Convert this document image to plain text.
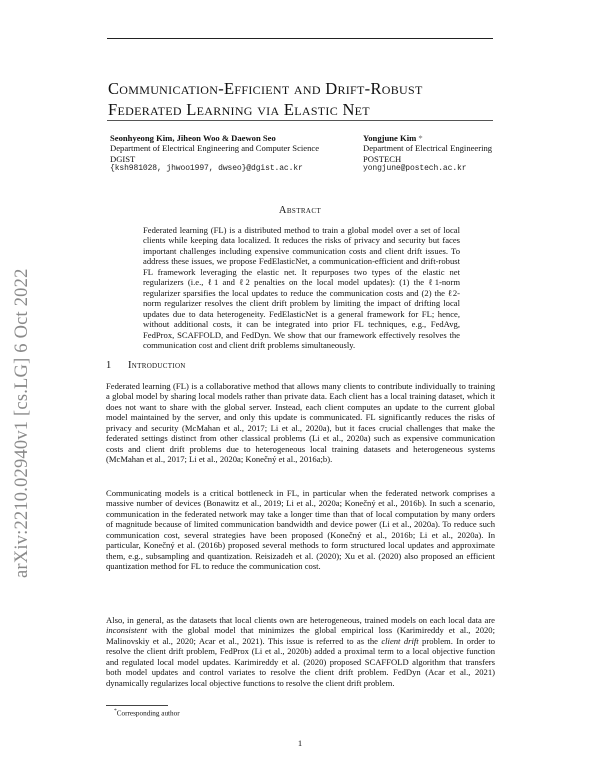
arXiv:2210.02940v1 [cs.LG] 6 Oct 2022
Communication-Efficient and Drift-Robust
Federated Learning via Elastic Net
Seonhyeong Kim, Jiheon Woo & Daewon Seo
Department of Electrical Engineering and Computer Science
DGIST
{ksh981028, jhwoo1997, dwseo}@dgist.ac.kr
Yongjune Kim *
Department of Electrical Engineering
POSTECH
yongjune@postech.ac.kr
Abstract

Federated learning (FL) is a distributed method to train a global model over a set of local clients while keeping data localized. It reduces the risks of privacy and security but faces important challenges including expensive communication costs and client drift issues. To address these issues, we propose FedElasticNet, a communication-efficient and drift-robust FL framework leveraging the elastic net. It repurposes two types of the elastic net regularizers (i.e., ℓ1 and ℓ2 penalties on the local model updates): (1) the ℓ1-norm regularizer sparsifies the local updates to reduce the communication costs and (2) the ℓ2-norm regularizer resolves the client drift problem by limiting the impact of drifting local updates due to data heterogeneity. FedElasticNet is a general framework for FL; hence, without additional costs, it can be integrated into prior FL techniques, e.g., FedAvg, FedProx, SCAFFOLD, and FedDyn. We show that our framework effectively resolves the communication cost and client drift problems simultaneously.

1 Introduction

Federated learning (FL) is a collaborative method that allows many clients to contribute individually to training a global model by sharing local models rather than private data. Each client has a local training dataset, which it does not want to share with the global server. Instead, each client computes an update to the current global model maintained by the server, and only this update is communicated. FL significantly reduces the risks of privacy and security (McMahan et al., 2017; Li et al., 2020a), but it faces crucial challenges that make the federated settings distinct from other classical problems (Li et al., 2020a) such as expensive communication costs and client drift problems due to heterogeneous local training datasets and heterogeneous systems (McMahan et al., 2017; Li et al., 2020a; Konečný et al., 2016a;b).

Communicating models is a critical bottleneck in FL, in particular when the federated network comprises a massive number of devices (Bonawitz et al., 2019; Li et al., 2020a; Konečný et al., 2016b). In such a scenario, communication in the federated network may take a longer time than that of local computation by many orders of magnitude because of limited communication bandwidth and device power (Li et al., 2020a). To reduce such communication cost, several strategies have been proposed (Konečný et al., 2016b; Li et al., 2020a). In particular, Konečný et al. (2016b) proposed several methods to form structured local updates and approximate them, e.g., subsampling and quantization. Reisizadeh et al. (2020); Xu et al. (2020) also proposed an efficient quantization method for FL to reduce the communication cost.

Also, in general, as the datasets that local clients own are heterogeneous, trained models on each local data are inconsistent with the global model that minimizes the global empirical loss (Karimireddy et al., 2020; Malinovskiy et al., 2020; Acar et al., 2021). This issue is referred to as the client drift problem. In order to resolve the client drift problem, FedProx (Li et al., 2020b) added a proximal term to a local objective function and regulated local model updates. Karimireddy et al. (2020) proposed SCAFFOLD algorithm that transfers both model updates and control variates to resolve the client drift problem. FedDyn (Acar et al., 2021) dynamically regularizes local objective functions to resolve the client drift problem.

*Corresponding author
1
